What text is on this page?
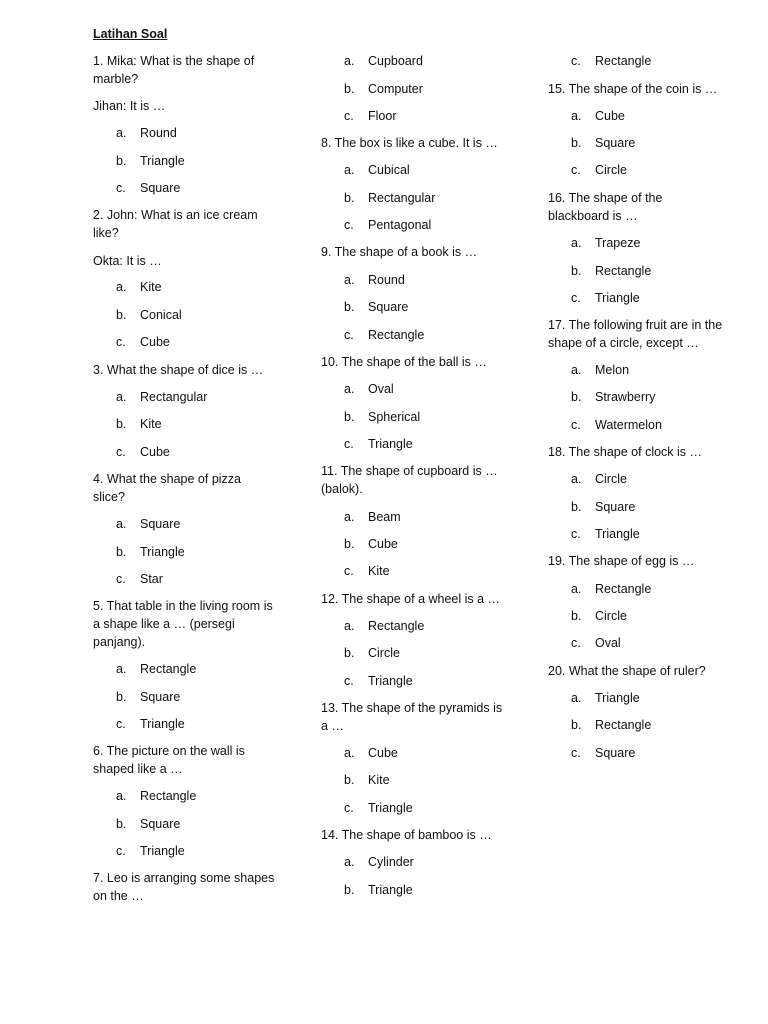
Latihan Soal

1. Mika: What is the shape of marble?

Jihan: It is …

a. Round
b. Triangle
c. Square

2. John: What is an ice cream like?

Okta: It is …

a. Kite
b. Conical
c. Cube

3. What the shape of dice is …

a. Rectangular
b. Kite
c. Cube

4. What the shape of pizza slice?

a. Square
b. Triangle
c. Star

5. That table in the living room is a shape like a … (persegi panjang).

a. Rectangle
b. Square
c. Triangle

6. The picture on the wall is shaped like a …

a. Rectangle
b. Square
c. Triangle

7. Leo is arranging some shapes on the …

a. Cupboard
b. Computer
c. Floor

8. The box is like a cube. It is …

a. Cubical
b. Rectangular
c. Pentagonal

9. The shape of a book is …

a. Round
b. Square
c. Rectangle

10. The shape of the ball is …

a. Oval
b. Spherical
c. Triangle

11. The shape of cupboard is … (balok).

a. Beam
b. Cube
c. Kite

12. The shape of a wheel is a …

a. Rectangle
b. Circle
c. Triangle

13. The shape of the pyramids is a …

a. Cube
b. Kite
c. Triangle

14. The shape of bamboo is …

a. Cylinder
b. Triangle
c. Rectangle

15. The shape of the coin is …

a. Cube
b. Square
c. Circle

16. The shape of the blackboard is …

a. Trapeze
b. Rectangle
c. Triangle

17. The following fruit are in the shape of a circle, except …

a. Melon
b. Strawberry
c. Watermelon

18. The shape of clock is …

a. Circle
b. Square
c. Triangle

19. The shape of egg is …

a. Rectangle
b. Circle
c. Oval

20. What the shape of ruler?

a. Triangle
b. Rectangle
c. Square
